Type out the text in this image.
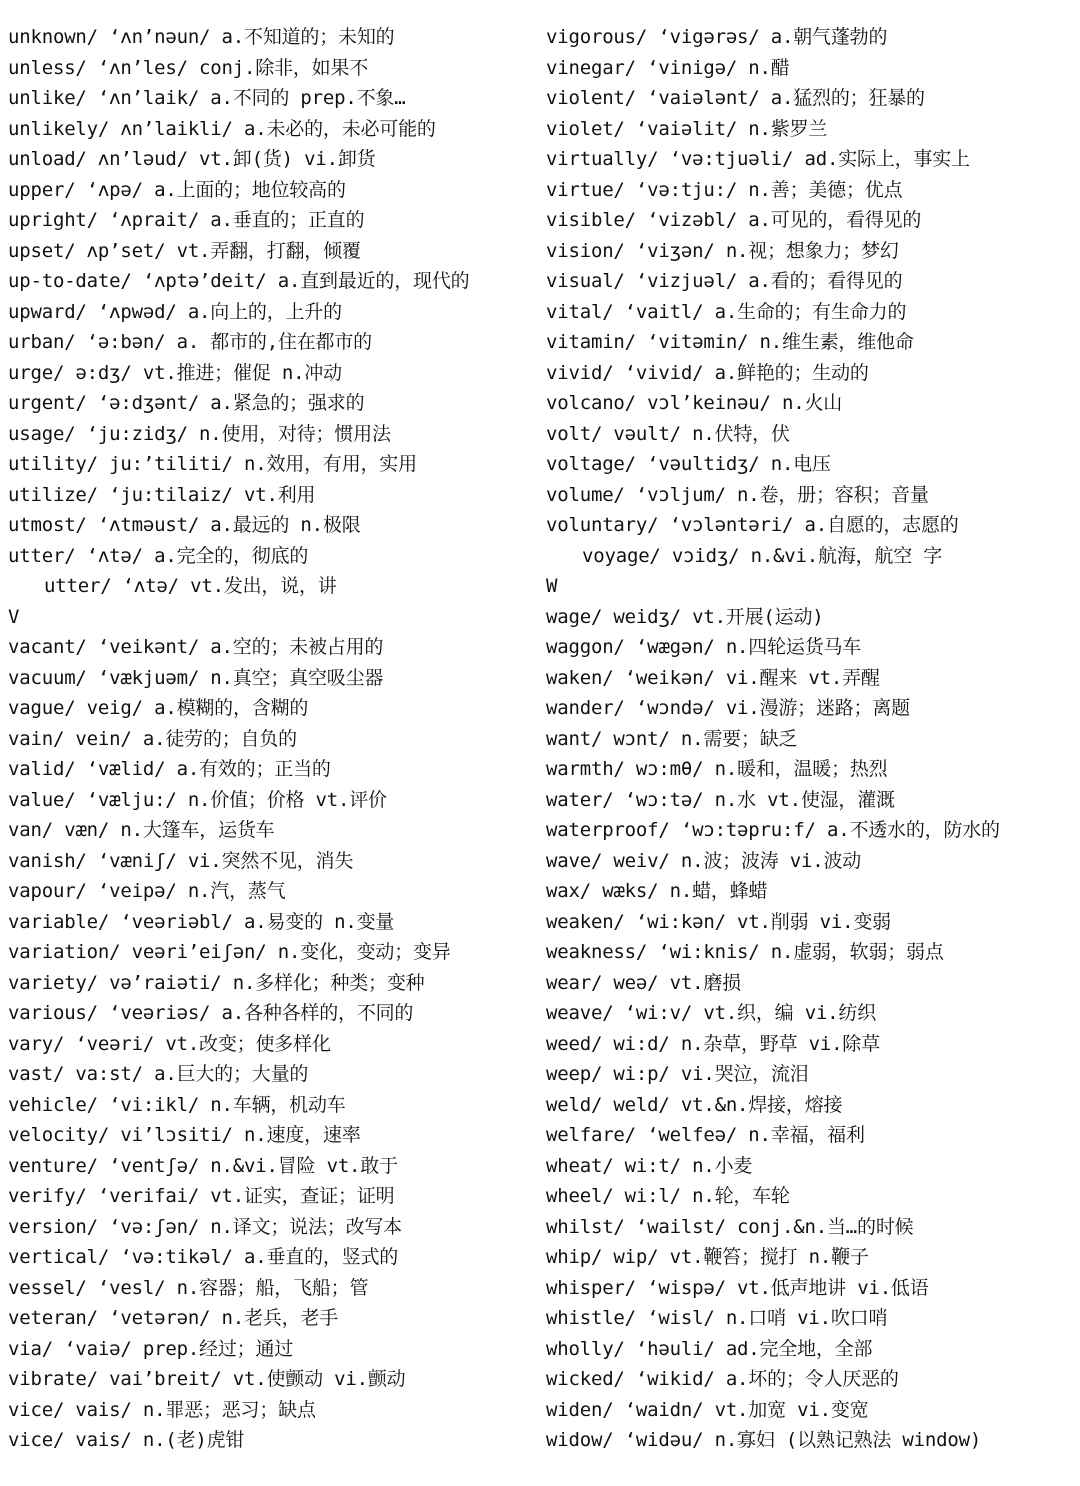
unknown/ ‘ʌn’nəun/ a.不知道的；未知的
unless/ ‘ʌn’les/ conj.除非，如果不
unlike/ ‘ʌn’laik/ a.不同的 prep.不象…
unlikely/ ʌn’laikli/ a.未必的，未必可能的
unload/ ʌn’ləud/ vt.卸(货) vi.卸货
upper/ ‘ʌpə/ a.上面的；地位较高的
upright/ ‘ʌprait/ a.垂直的；正直的
upset/ ʌp’set/ vt.弄翻，打翻，倾覆
up-to-date/ ‘ʌptə’deit/ a.直到最近的，现代的
upward/ ‘ʌpwəd/ a.向上的，上升的
urban/ ‘ə:bən/ a. 都市的,住在都市的
urge/ ə:dʒ/ vt.推进；催促 n.冲动
urgent/ ‘ə:dʒənt/ a.紧急的；强求的
usage/ ‘ju:zidʒ/ n.使用，对待；惯用法
utility/ ju:’tiliti/ n.效用，有用，实用
utilize/ ‘ju:tilaiz/ vt.利用
utmost/ ‘ʌtməust/ a.最远的 n.极限
utter/ ‘ʌtə/ a.完全的，彻底的
utter/ ‘ʌtə/ vt.发出，说，讲
V
vacant/ ‘veikənt/ a.空的；未被占用的
vacuum/ ‘vækjuəm/ n.真空；真空吸尘器
vague/ veig/ a.模糊的，含糊的
vain/ vein/ a.徒劳的；自负的
valid/ ‘vælid/ a.有效的；正当的
value/ ‘vælju:/ n.价值；价格 vt.评价
van/ væn/ n.大篷车，运货车
vanish/ ‘væniʃ/ vi.突然不见，消失
vapour/ ‘veipə/ n.汽，蒸气
variable/ ‘veəriəbl/ a.易变的 n.变量
variation/ veəri’eiʃən/ n.变化，变动；变异
variety/ və’raiəti/ n.多样化；种类；变种
various/ ‘veəriəs/ a.各种各样的，不同的
vary/ ‘veəri/ vt.改变；使多样化
vast/ va:st/ a.巨大的；大量的
vehicle/ ‘vi:ikl/ n.车辆，机动车
velocity/ vi’lɔsiti/ n.速度，速率
venture/ ‘ventʃə/ n.&vi.冒险 vt.敢于
verify/ ‘verifai/ vt.证实，查证；证明
version/ ‘və:ʃən/ n.译文；说法；改写本
vertical/ ‘və:tikəl/ a.垂直的，竖式的
vessel/ ‘vesl/ n.容器；船，飞船；管
veteran/ ‘vetərən/ n.老兵，老手
via/ ‘vaiə/ prep.经过；通过
vibrate/ vai’breit/ vt.使颤动 vi.颤动
vice/ vais/ n.罪恶；恶习；缺点
vice/ vais/ n.(老)虎钳
vigorous/ ‘vigərəs/ a.朝气蓬勃的
vinegar/ ‘vinigə/ n.醋
violent/ ‘vaiələnt/ a.猛烈的；狂暴的
violet/ ‘vaiəlit/ n.紫罗兰
virtually/ ‘və:tjuəli/ ad.实际上，事实上
virtue/ ‘və:tju:/ n.善；美德；优点
visible/ ‘vizəbl/ a.可见的，看得见的
vision/ ‘viʒən/ n.视；想象力；梦幻
visual/ ‘vizjuəl/ a.看的；看得见的
vital/ ‘vaitl/ a.生命的；有生命力的
vitamin/ ‘vitəmin/ n.维生素，维他命
vivid/ ‘vivid/ a.鲜艳的；生动的
volcano/ vɔl’keinəu/ n.火山
volt/ vəult/ n.伏特，伏
voltage/ ‘vəultidʒ/ n.电压
volume/ ‘vɔljum/ n.卷，册；容积；音量
voluntary/ ‘vɔləntəri/ a.自愿的，志愿的
voyage/ vɔidʒ/ n.&vi.航海，航空 字
W
wage/ weidʒ/ vt.开展(运动)
waggon/ ‘wægən/ n.四轮运货马车
waken/ ‘weikən/ vi.醒来 vt.弄醒
wander/ ‘wɔndə/ vi.漫游；迷路；离题
want/ wɔnt/ n.需要；缺乏
warmth/ wɔ:mθ/ n.暖和，温暖；热烈
water/ ‘wɔ:tə/ n.水 vt.使湿，灌溉
waterproof/ ‘wɔ:təpru:f/ a.不透水的，防水的
wave/ weiv/ n.波；波涛 vi.波动
wax/ wæks/ n.蜡，蜂蜡
weaken/ ‘wi:kən/ vt.削弱 vi.变弱
weakness/ ‘wi:knis/ n.虚弱，软弱；弱点
wear/ weə/ vt.磨损
weave/ ‘wi:v/ vt.织，编 vi.纺织
weed/ wi:d/ n.杂草，野草 vi.除草
weep/ wi:p/ vi.哭泣，流泪
weld/ weld/ vt.&n.焊接，熔接
welfare/ ‘welfeə/ n.幸福，福利
wheat/ wi:t/ n.小麦
wheel/ wi:l/ n.轮，车轮
whilst/ ‘wailst/ conj.&n.当…的时候
whip/ wip/ vt.鞭笞；搅打 n.鞭子
whisper/ ‘wispə/ vt.低声地讲 vi.低语
whistle/ ‘wisl/ n.口哨 vi.吹口哨
wholly/ ‘həuli/ ad.完全地，全部
wicked/ ‘wikid/ a.坏的；令人厌恶的
widen/ ‘waidn/ vt.加宽 vi.变宽
widow/ ‘widəu/ n.寡妇 (以熟记熟法 window)
